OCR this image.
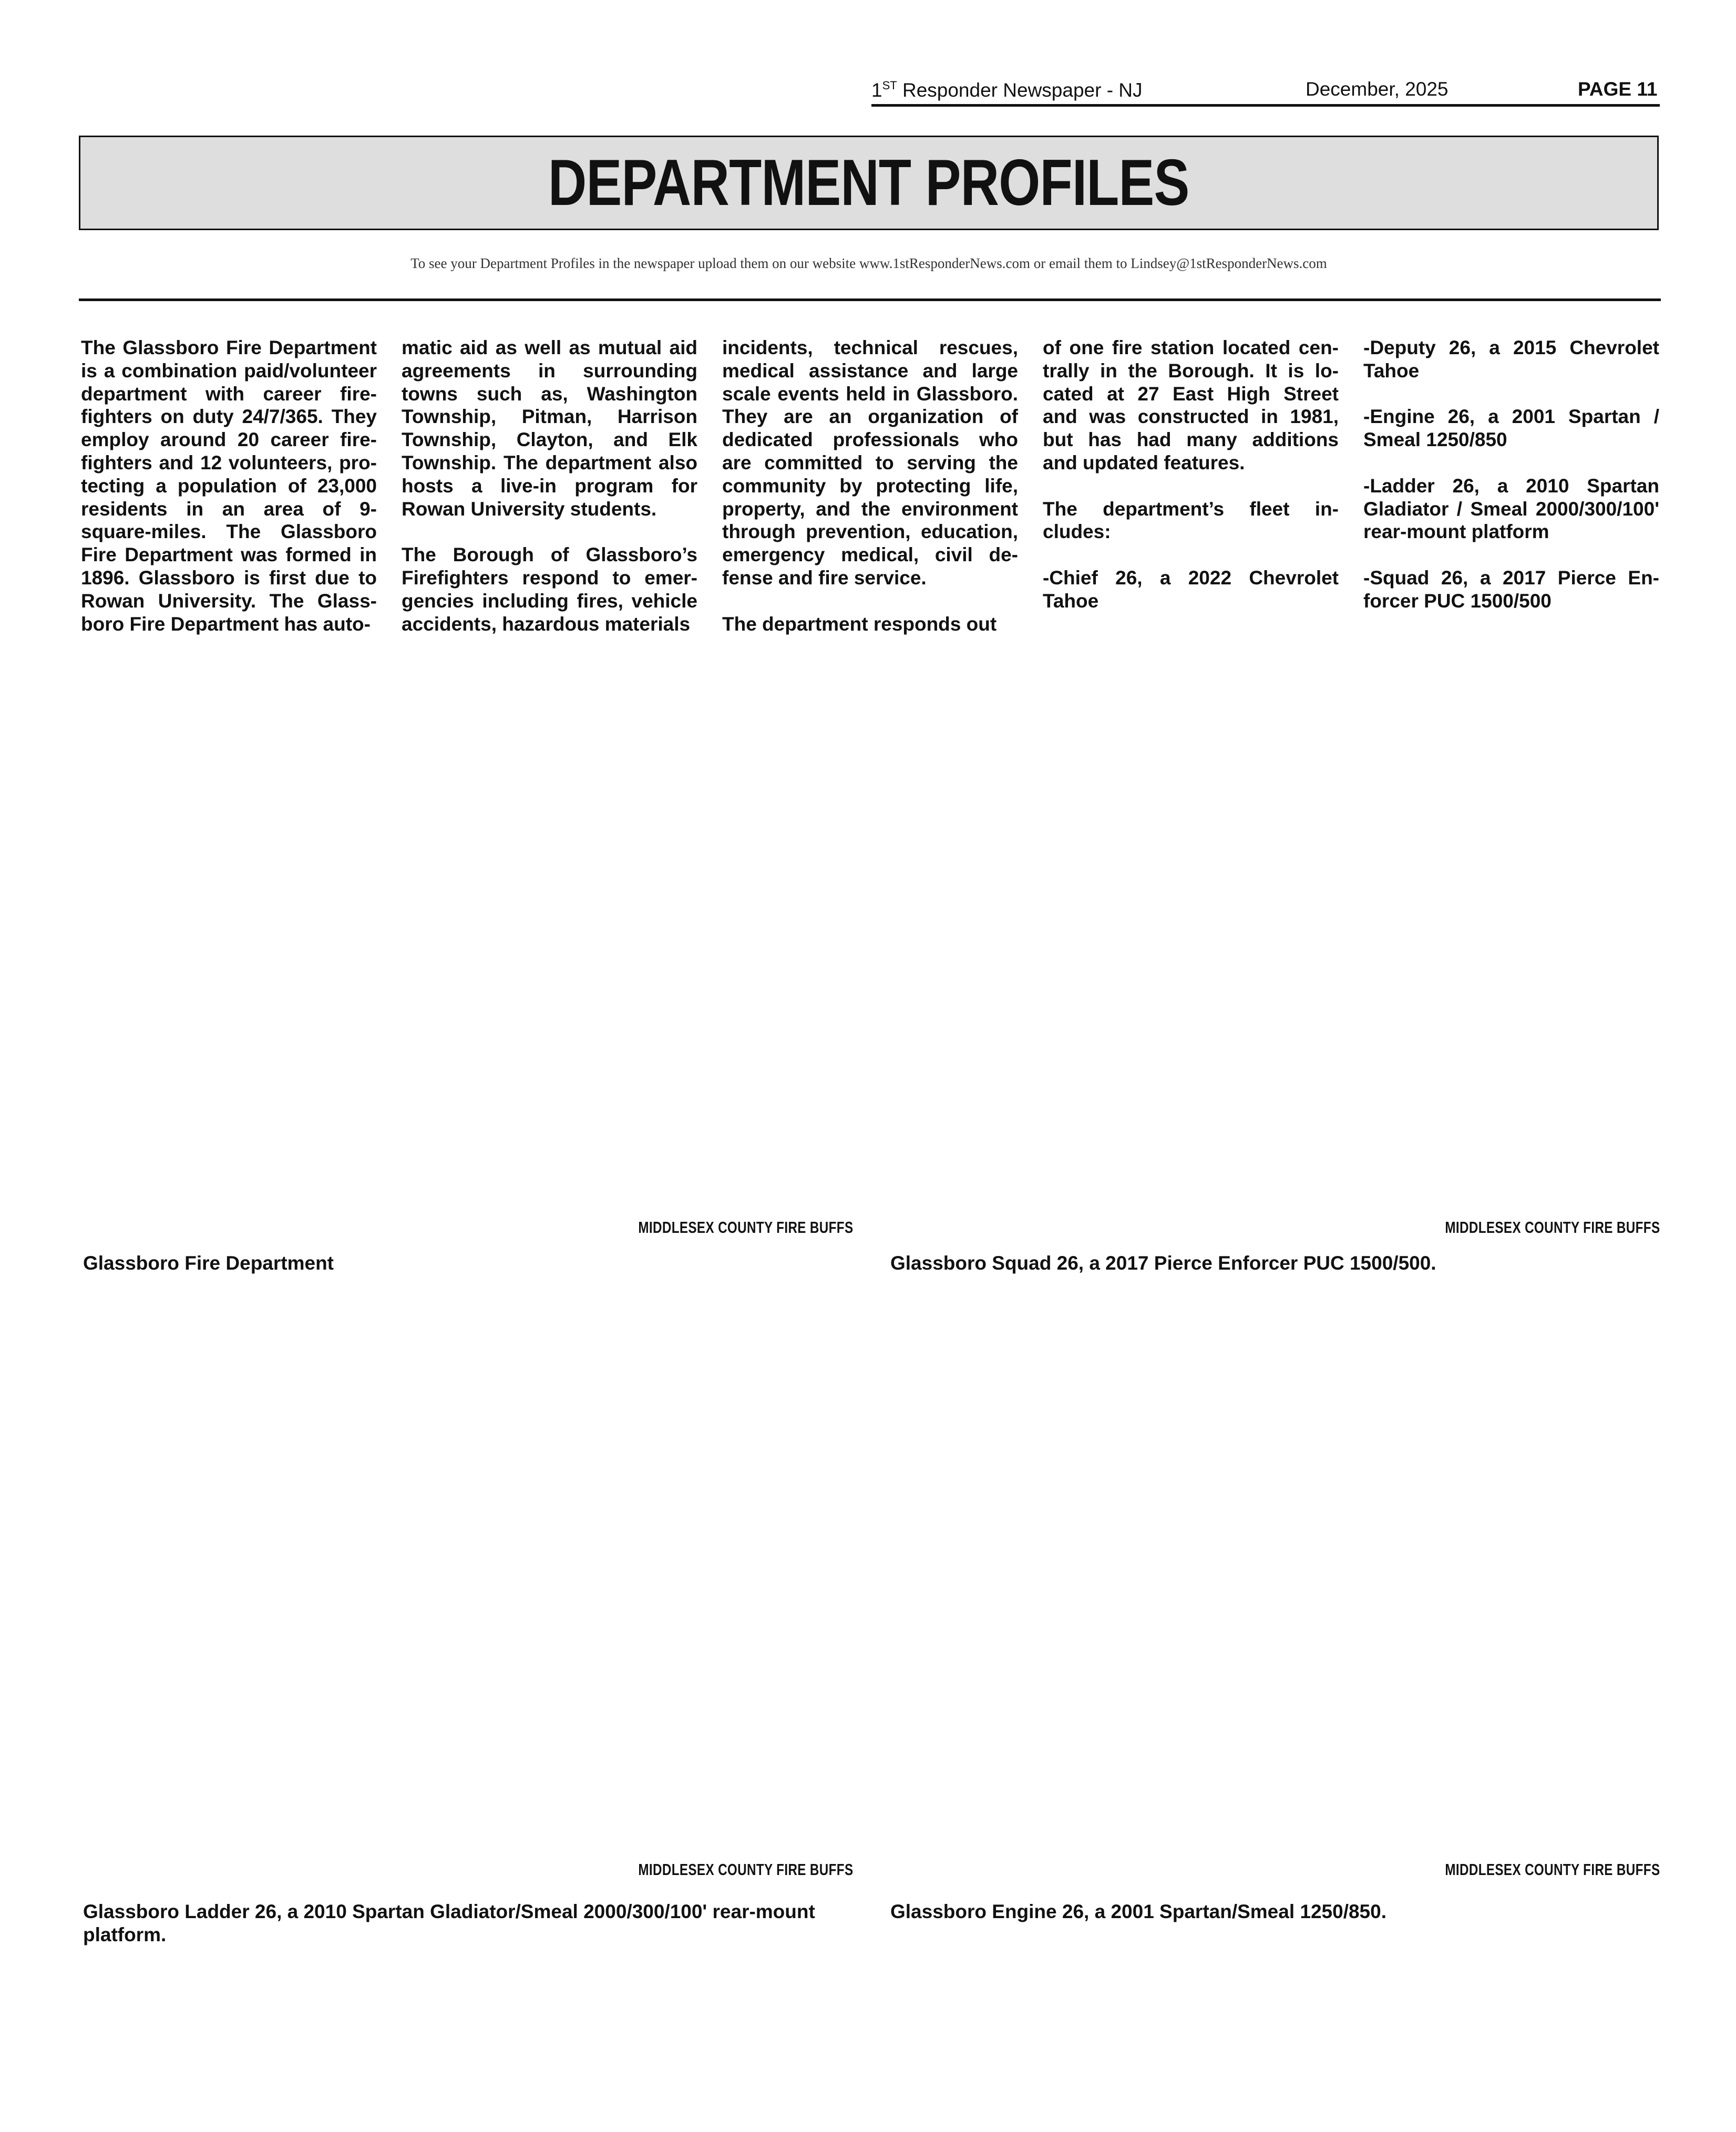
1ST Responder Newspaper - NJ	December, 2025	PAGE 11
DEPARTMENT PROFILES
To see your Department Profiles in the newspaper upload them on our website www.1stResponderNews.com or email them to Lindsey@1stResponderNews.com

The Glassboro Fire Department is a combination paid/volunteer department with career fire-fighters on duty 24/7/365. They employ around 20 career fire-fighters and 12 volunteers, pro-tecting a population of 23,000 residents in an area of 9-square-miles. The Glassboro Fire Department was formed in 1896. Glassboro is first due to Rowan University. The Glass-boro Fire Department has auto-

matic aid as well as mutual aid agreements in surrounding towns such as, Washington Township, Pitman, Harrison Township, Clayton, and Elk Township. The department also hosts a live-in program for Rowan University students.

The Borough of Glassboro’s Firefighters respond to emer-gencies including fires, vehicle accidents, hazardous materials

incidents, technical rescues, medical assistance and large scale events held in Glassboro. They are an organization of dedicated professionals who are committed to serving the community by protecting life, property, and the environment through prevention, education, emergency medical, civil de-fense and fire service.

The department responds out

of one fire station located cen-trally in the Borough. It is lo-cated at 27 East High Street and was constructed in 1981, but has had many additions and updated features.

The department’s fleet in-cludes:

-Chief 26, a 2022 Chevrolet Tahoe

-Deputy 26, a 2015 Chevrolet Tahoe

-Engine 26, a 2001 Spartan / Smeal 1250/850

-Ladder 26, a 2010 Spartan Gladiator / Smeal 2000/300/100' rear-mount platform

-Squad 26, a 2017 Pierce En-forcer PUC 1500/500

MIDDLESEX COUNTY FIRE BUFFS
Glassboro Fire Department
MIDDLESEX COUNTY FIRE BUFFS
Glassboro Squad 26, a 2017 Pierce Enforcer PUC 1500/500.
MIDDLESEX COUNTY FIRE BUFFS
Glassboro Ladder 26, a 2010 Spartan Gladiator/Smeal 2000/300/100' rear-mount platform.
MIDDLESEX COUNTY FIRE BUFFS
Glassboro Engine 26, a 2001 Spartan/Smeal 1250/850.
